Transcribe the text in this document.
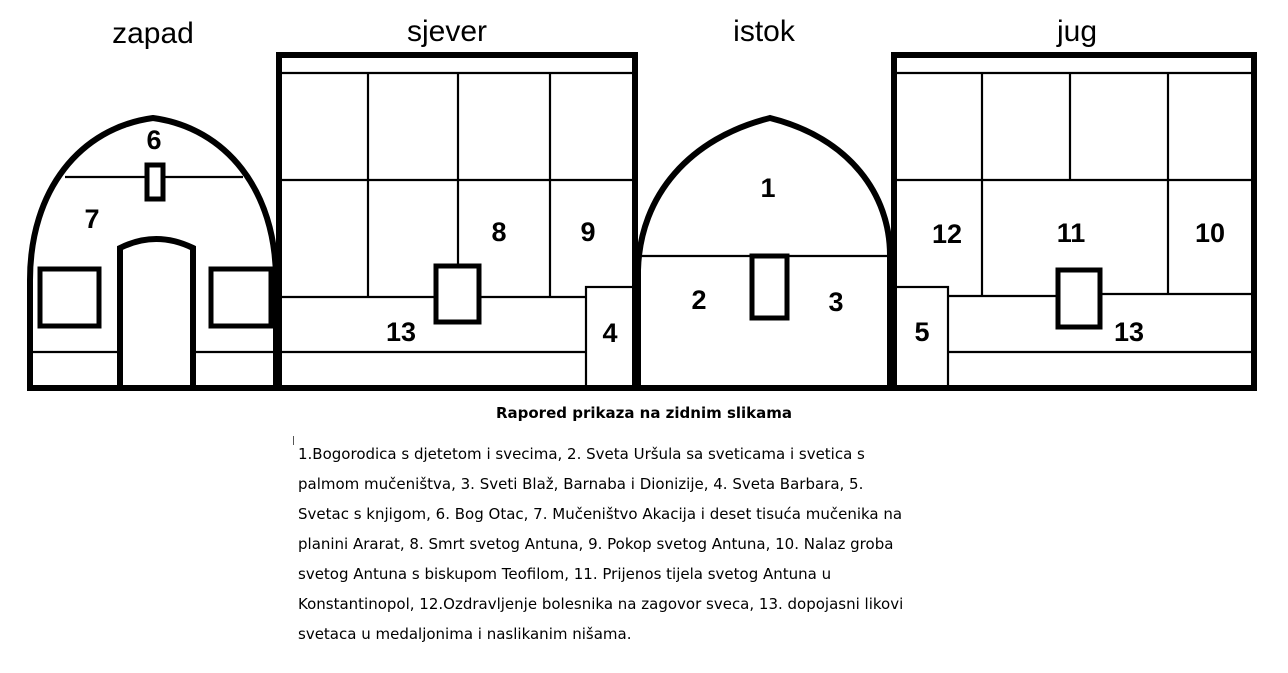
zapad	sjever	istok	jug
6
7	8	9
13	4
1
2	3
12	11	10
5	13
Rapored prikaza na zidnim slikama

1.Bogorodica s djetetom i svecima, 2. Sveta Uršula sa sveticama i svetica s
palmom mučeništva, 3. Sveti Blaž, Barnaba i Dionizije, 4. Sveta Barbara, 5.
Svetac s knjigom, 6. Bog Otac, 7. Mučeništvo Akacija i deset tisuća mučenika na
planini Ararat, 8. Smrt svetog Antuna, 9. Pokop svetog Antuna, 10. Nalaz groba
svetog Antuna s biskupom Teofilom, 11. Prijenos tijela svetog Antuna u
Konstantinopol, 12.Ozdravljenje bolesnika na zagovor sveca, 13. dopojasni likovi
svetaca u medaljonima i naslikanim nišama.
